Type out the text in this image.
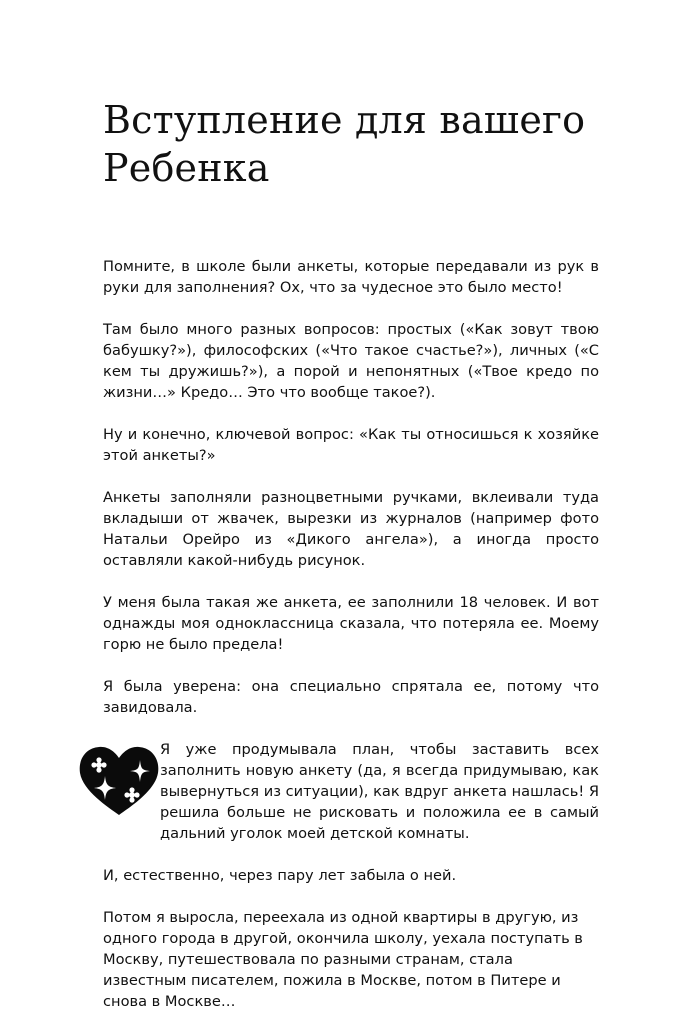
Вступление для вашего
Ребенка

Помните, в школе были анкеты, которые передавали из рук в руки для заполнения? Ох, что за чудесное это было место!

Там было много разных вопросов: простых («Как зовут твою бабушку?»), философских («Что такое счастье?»), личных («С кем ты дружишь?»), а порой и непонятных («Твое кредо по жизни…» Кредо… Это что вообще такое?).

Ну и конечно, ключевой вопрос: «Как ты относишься к хозяйке этой анкеты?»

Анкеты заполняли разноцветными ручками, вклеивали туда вкладыши от жвачек, вырезки из журналов (например фото Натальи Орейро из «Дикого ангела»), а иногда просто оставляли какой-нибудь рисунок.

У меня была такая же анкета, ее заполнили 18 человек. И вот однажды моя одноклассница сказала, что потеряла ее. Моему горю не было предела!

Я была уверена: она специально спрятала ее, потому что завидовала.

Я уже продумывала план, чтобы заставить всех заполнить новую анкету (да, я всегда придумываю, как вывернуться из ситуации), как вдруг анкета нашлась! Я решила больше не рисковать и положила ее в самый дальний уголок моей детской комнаты.

И, естественно, через пару лет забыла о ней.

Потом я выросла, переехала из одной квартиры в другую, из одного города в другой, окончила школу, уехала поступать в Москву, путешествовала по разными странам, стала известным писателем, пожила в Москве, потом в Питере и снова в Москве…
